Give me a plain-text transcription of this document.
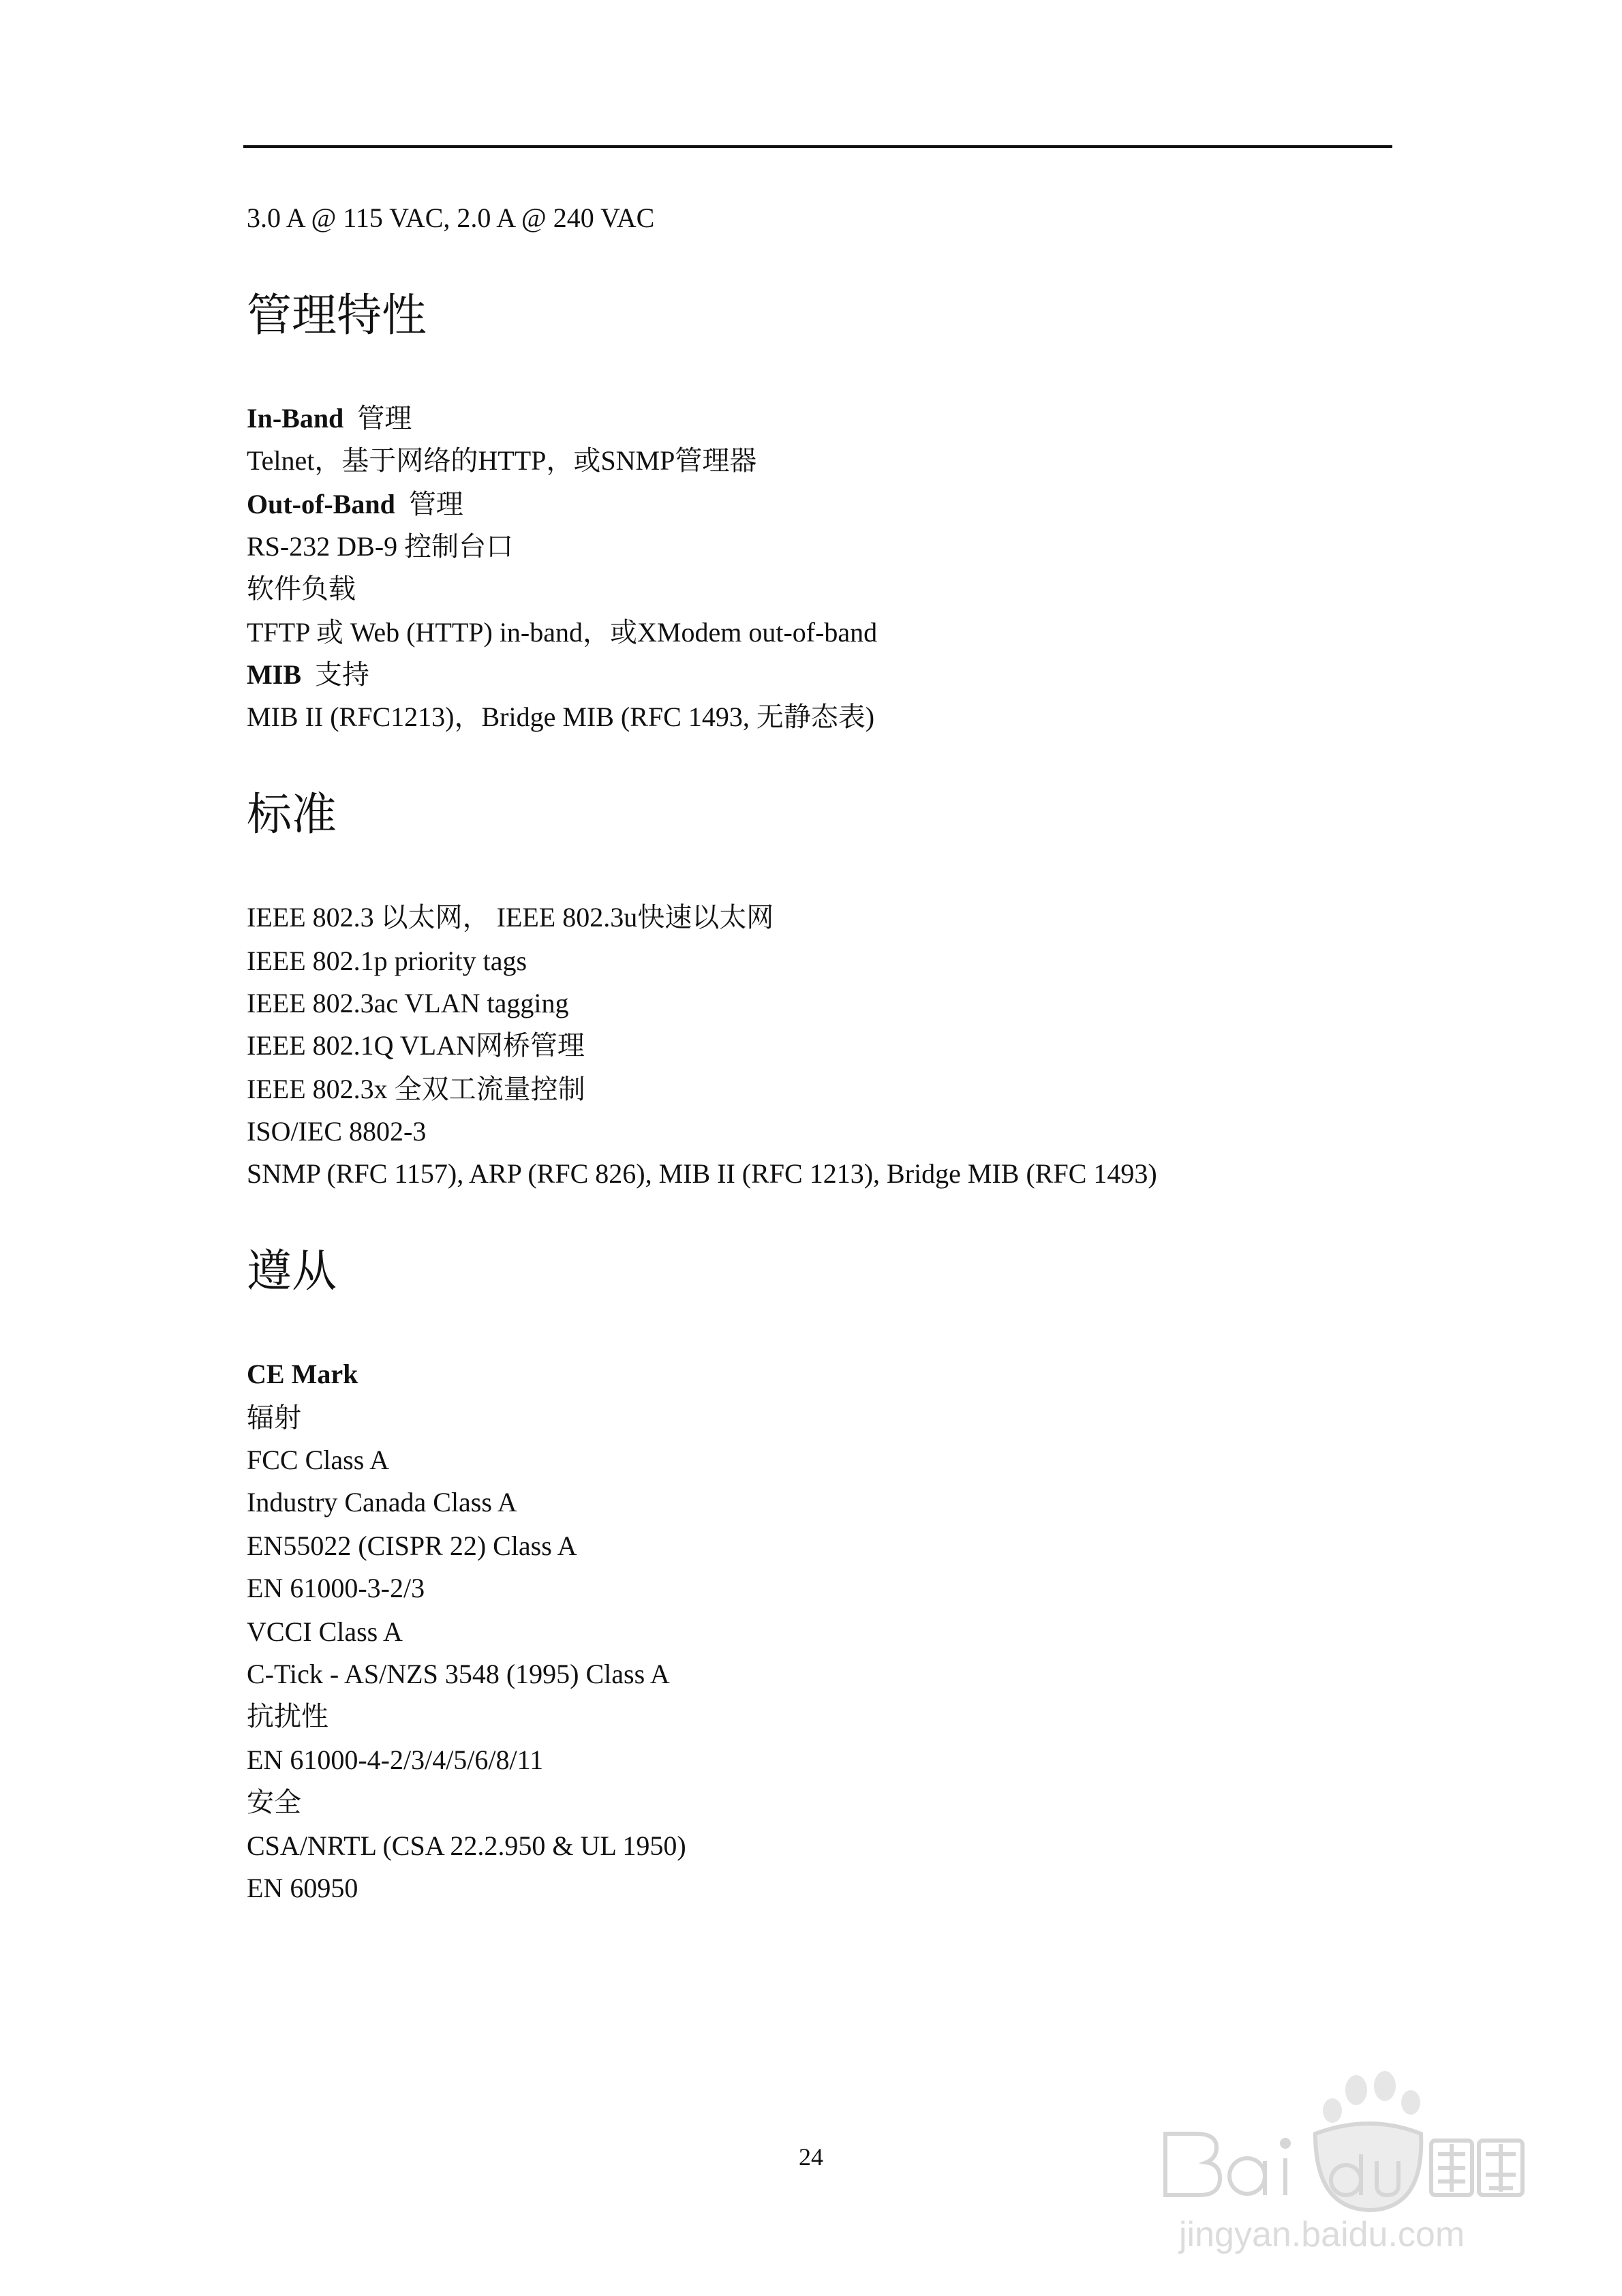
3.0 A @ 115 VAC, 2.0 A @ 240 VAC
管理特性
In-Band 管理
Telnet，基于网络的HTTP，或SNMP管理器
Out-of-Band 管理
RS-232 DB-9 控制台口
软件负载
TFTP 或 Web (HTTP) in-band，或XModem out-of-band
MIB 支持
MIB II (RFC1213)，Bridge MIB (RFC 1493, 无静态表)
标准
IEEE 802.3 以太网， IEEE 802.3u快速以太网
IEEE 802.1p priority tags
IEEE 802.3ac VLAN tagging
IEEE 802.1Q VLAN网桥管理
IEEE 802.3x 全双工流量控制
ISO/IEC 8802-3
SNMP (RFC 1157), ARP (RFC 826), MIB II (RFC 1213), Bridge MIB (RFC 1493)
遵从
CE Mark
辐射
FCC Class A
Industry Canada Class A
EN55022 (CISPR 22) Class A
EN 61000-3-2/3
VCCI Class A
C-Tick - AS/NZS 3548 (1995) Class A
抗扰性
EN 61000-4-2/3/4/5/6/8/11
安全
CSA/NRTL (CSA 22.2.950 & UL 1950)
EN 60950
24
jingyan.baidu.com
